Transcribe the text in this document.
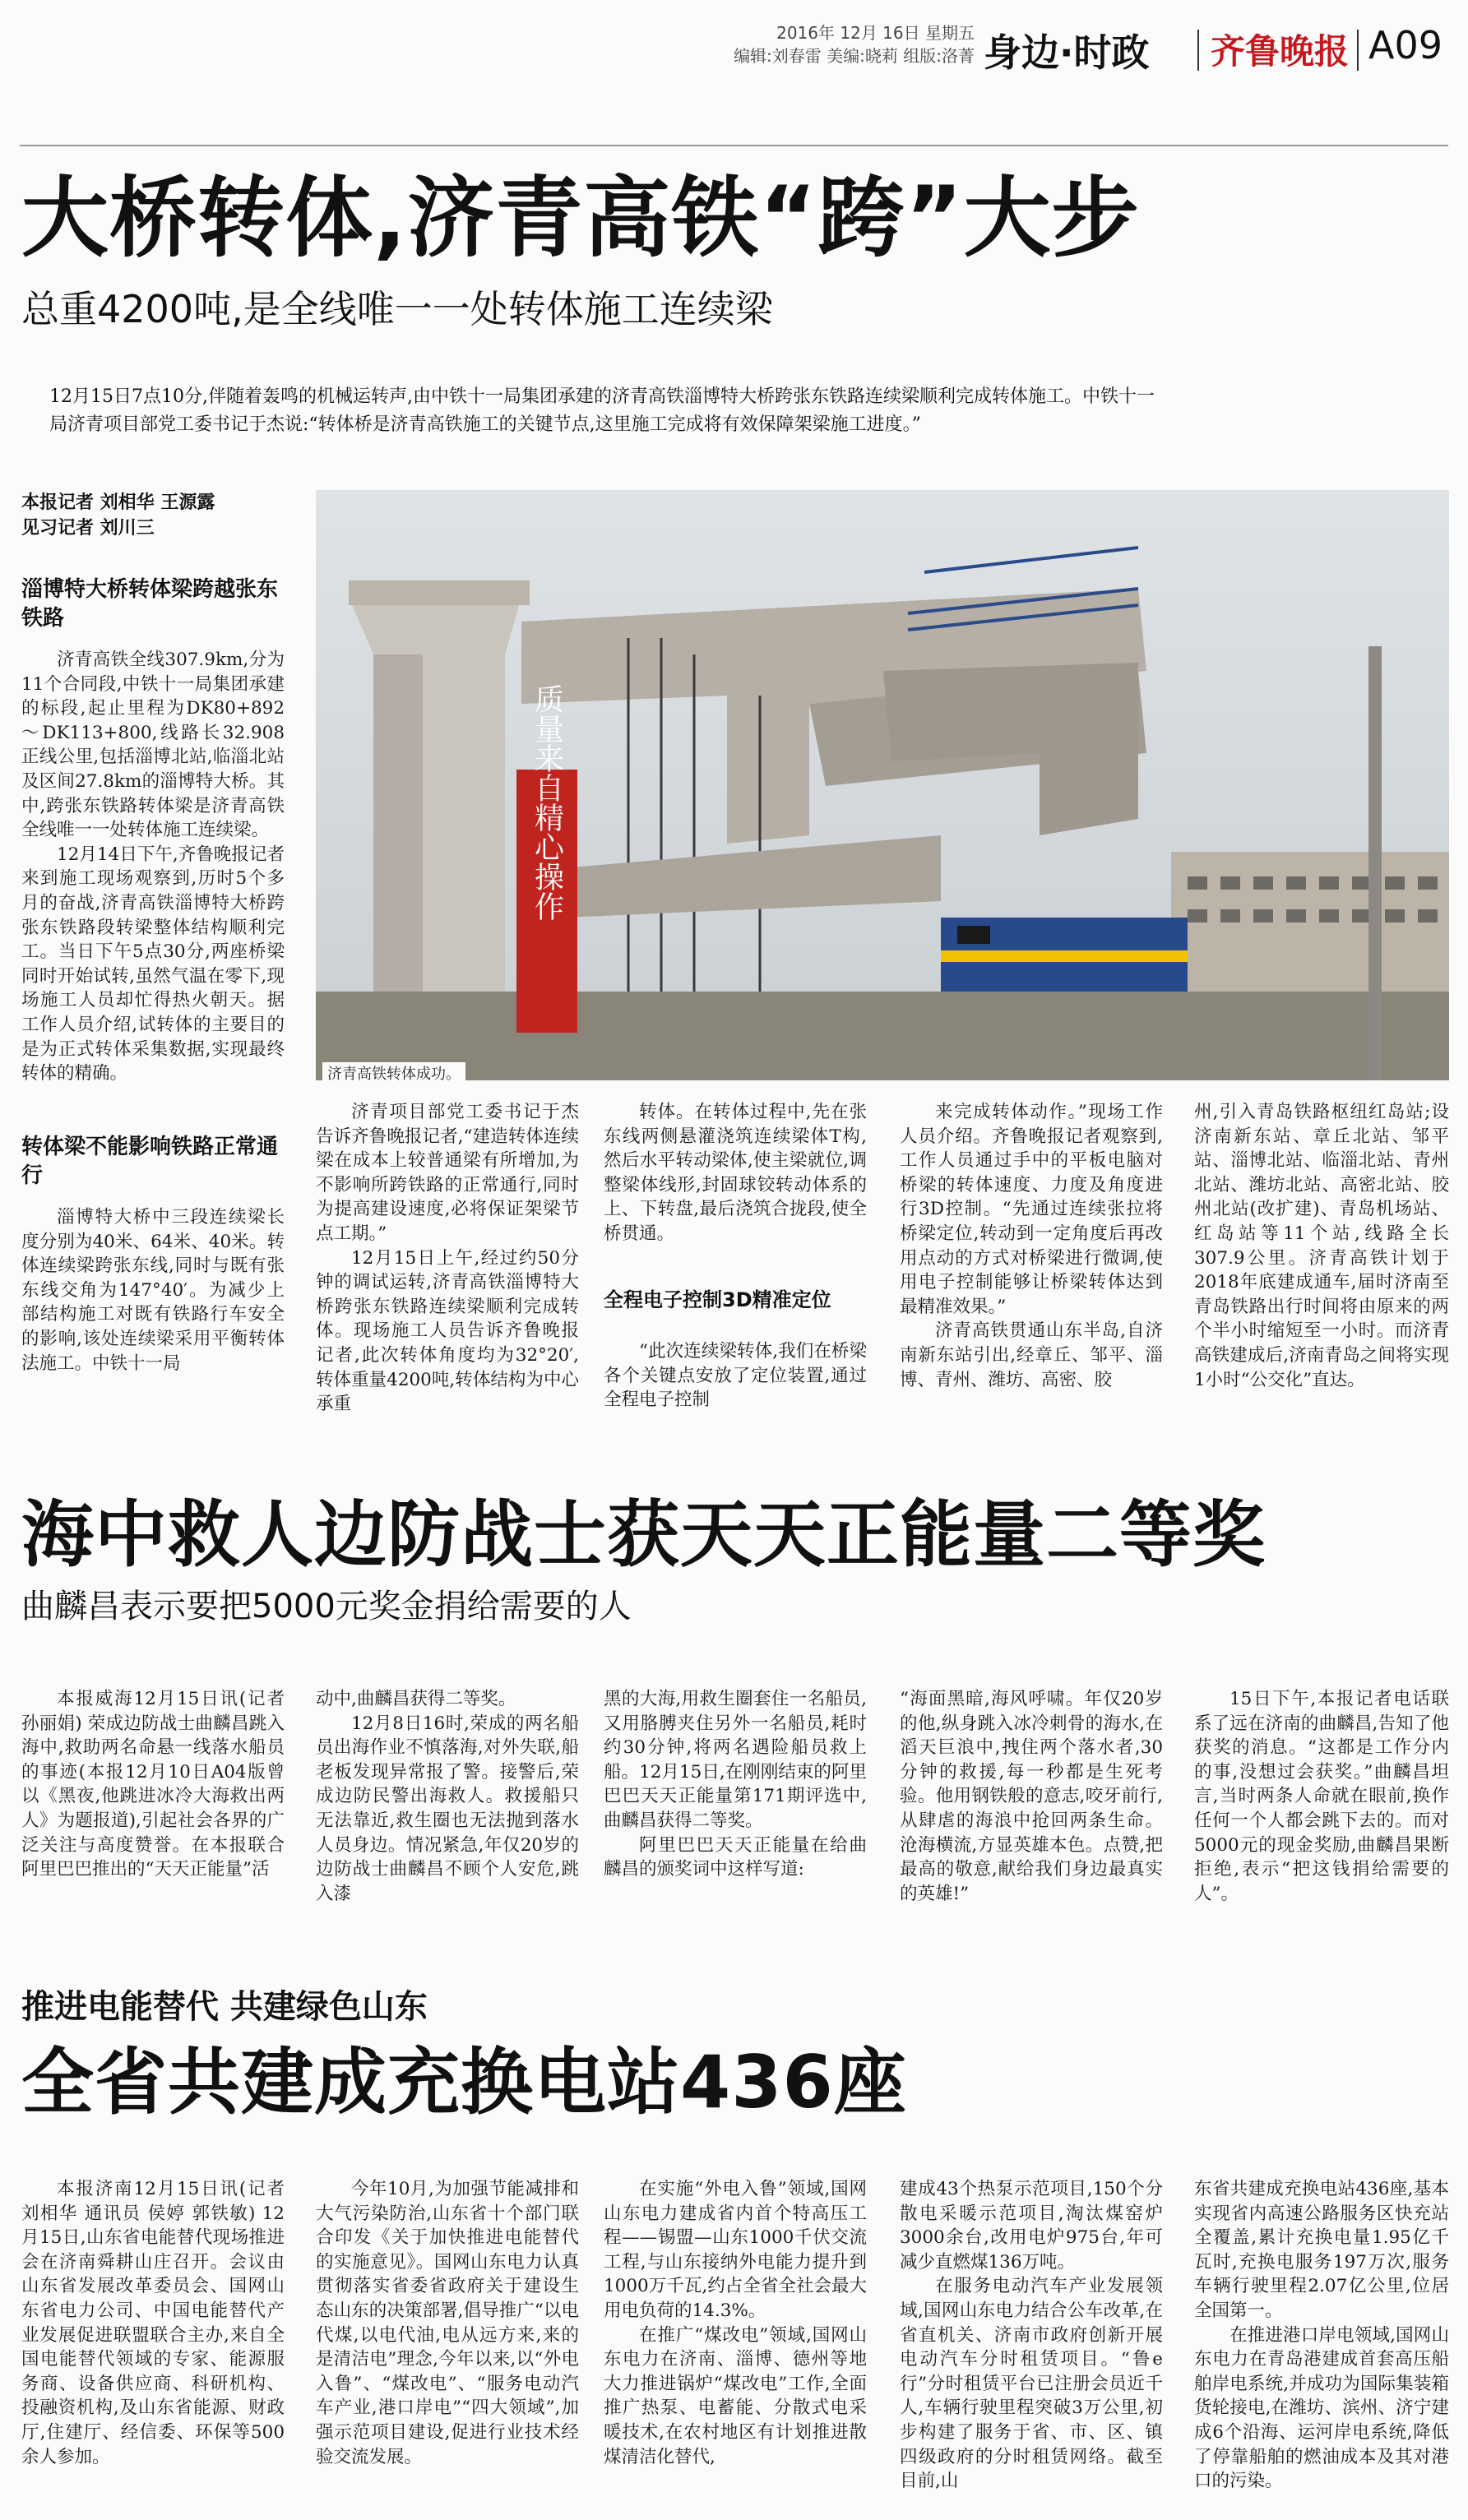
2016年 12月 16日 星期五
编辑:刘春雷 美编:晓莉 组版:洛菁 身边·时政 齐鲁晚报 A09
大桥转体,济青高铁“跨”大步
总重4200吨,是全线唯一一处转体施工连续梁
12月15日7点10分,伴随着轰鸣的机械运转声,由中铁十一局集团承建的济青高铁淄博特大桥跨张东铁路连续梁顺利完成转体施工。中铁十一局济青项目部党工委书记于杰说:“转体桥是济青高铁施工的关键节点,这里施工完成将有效保障架梁施工进度。”
本报记者 刘相华 王源露
见习记者 刘川三
质量来自精心操作
济青高铁转体成功。
淄博特大桥转体梁跨越张东铁路

济青高铁全线307.9km,分为11个合同段,中铁十一局集团承建的标段,起止里程为DK80+892～DK113+800,线路长32.908正线公里,包括淄博北站,临淄北站及区间27.8km的淄博特大桥。其中,跨张东铁路转体梁是济青高铁全线唯一一处转体施工连续梁。

12月14日下午,齐鲁晚报记者来到施工现场观察到,历时5个多月的奋战,济青高铁淄博特大桥跨张东铁路段转梁整体结构顺利完工。当日下午5点30分,两座桥梁同时开始试转,虽然气温在零下,现场施工人员却忙得热火朝天。据工作人员介绍,试转体的主要目的是为正式转体采集数据,实现最终转体的精确。

转体梁不能影响铁路正常通行

淄博特大桥中三段连续梁长度分别为40米、64米、40米。转体连续梁跨张东线,同时与既有张东线交角为147°40′。为减少上部结构施工对既有铁路行车安全的影响,该处连续梁采用平衡转体法施工。中铁十一局

济青项目部党工委书记于杰告诉齐鲁晚报记者,“建造转体连续梁在成本上较普通梁有所增加,为不影响所跨铁路的正常通行,同时为提高建设速度,必将保证架梁节点工期。”

12月15日上午,经过约50分钟的调试运转,济青高铁淄博特大桥跨张东铁路连续梁顺利完成转体。现场施工人员告诉齐鲁晚报记者,此次转体角度均为32°20′,转体重量4200吨,转体结构为中心承重

转体。在转体过程中,先在张东线两侧悬灌浇筑连续梁体T构,然后水平转动梁体,使主梁就位,调整梁体线形,封固球铰转动体系的上、下转盘,最后浇筑合拢段,使全桥贯通。

全程电子控制3D精准定位

“此次连续梁转体,我们在桥梁各个关键点安放了定位装置,通过全程电子控制

来完成转体动作。”现场工作人员介绍。齐鲁晚报记者观察到,工作人员通过手中的平板电脑对桥梁的转体速度、力度及角度进行3D控制。“先通过连续张拉将桥梁定位,转动到一定角度后再改用点动的方式对桥梁进行微调,使用电子控制能够让桥梁转体达到最精准效果。”

济青高铁贯通山东半岛,自济南新东站引出,经章丘、邹平、淄博、青州、潍坊、高密、胶

州,引入青岛铁路枢纽红岛站;设济南新东站、章丘北站、邹平站、淄博北站、临淄北站、青州北站、潍坊北站、高密北站、胶州北站(改扩建)、青岛机场站、红岛站等11个站,线路全长307.9公里。济青高铁计划于2018年底建成通车,届时济南至青岛铁路出行时间将由原来的两个半小时缩短至一小时。而济青高铁建成后,济南青岛之间将实现1小时“公交化”直达。

海中救人边防战士获天天正能量二等奖
曲麟昌表示要把5000元奖金捐给需要的人

本报威海12月15日讯(记者 孙丽娟) 荣成边防战士曲麟昌跳入海中,救助两名命悬一线落水船员的事迹(本报12月10日A04版曾以《黑夜,他跳进冰冷大海救出两人》为题报道),引起社会各界的广泛关注与高度赞誉。在本报联合阿里巴巴推出的“天天正能量”活

动中,曲麟昌获得二等奖。

12月8日16时,荣成的两名船员出海作业不慎落海,对外失联,船老板发现异常报了警。接警后,荣成边防民警出海救人。救援船只无法靠近,救生圈也无法抛到落水人员身边。情况紧急,年仅20岁的边防战士曲麟昌不顾个人安危,跳入漆

黑的大海,用救生圈套住一名船员,又用胳膊夹住另外一名船员,耗时约30分钟,将两名遇险船员救上船。12月15日,在刚刚结束的阿里巴巴天天正能量第171期评选中,曲麟昌获得二等奖。

阿里巴巴天天正能量在给曲麟昌的颁奖词中这样写道:

“海面黑暗,海风呼啸。年仅20岁的他,纵身跳入冰冷刺骨的海水,在滔天巨浪中,拽住两个落水者,30分钟的救援,每一秒都是生死考验。他用钢铁般的意志,咬牙前行,从肆虐的海浪中抢回两条生命。沧海横流,方显英雄本色。点赞,把最高的敬意,献给我们身边最真实的英雄!”

15日下午,本报记者电话联系了远在济南的曲麟昌,告知了他获奖的消息。“这都是工作分内的事,没想过会获奖。”曲麟昌坦言,当时两条人命就在眼前,换作任何一个人都会跳下去的。而对5000元的现金奖励,曲麟昌果断拒绝,表示“把这钱捐给需要的人”。

推进电能替代 共建绿色山东
全省共建成充换电站436座

本报济南12月15日讯(记者 刘相华 通讯员 侯婷 郭铁敏) 12月15日,山东省电能替代现场推进会在济南舜耕山庄召开。会议由山东省发展改革委员会、国网山东省电力公司、中国电能替代产业发展促进联盟联合主办,来自全国电能替代领域的专家、能源服务商、设备供应商、科研机构、投融资机构,及山东省能源、财政厅,住建厅、经信委、环保等500余人参加。

今年10月,为加强节能减排和大气污染防治,山东省十个部门联合印发《关于加快推进电能替代的实施意见》。国网山东电力认真贯彻落实省委省政府关于建设生态山东的决策部署,倡导推广“以电代煤,以电代油,电从远方来,来的是清洁电”理念,今年以来,以“外电入鲁”、“煤改电”、“服务电动汽车产业,港口岸电”“四大领域”,加强示范项目建设,促进行业技术经验交流发展。

在实施“外电入鲁”领域,国网山东电力建成省内首个特高压工程——锡盟—山东1000千伏交流工程,与山东接纳外电能力提升到1000万千瓦,约占全省全社会最大用电负荷的14.3%。

在推广“煤改电”领域,国网山东电力在济南、淄博、德州等地大力推进锅炉“煤改电”工作,全面推广热泵、电蓄能、分散式电采暖技术,在农村地区有计划推进散煤清洁化替代,

建成43个热泵示范项目,150个分散电采暖示范项目,淘汰煤窑炉3000余台,改用电炉975台,年可减少直燃煤136万吨。

在服务电动汽车产业发展领域,国网山东电力结合公车改革,在省直机关、济南市政府创新开展电动汽车分时租赁项目。“鲁e行”分时租赁平台已注册会员近千人,车辆行驶里程突破3万公里,初步构建了服务于省、市、区、镇四级政府的分时租赁网络。截至目前,山

东省共建成充换电站436座,基本实现省内高速公路服务区快充站全覆盖,累计充换电量1.95亿千瓦时,充换电服务197万次,服务车辆行驶里程2.07亿公里,位居全国第一。

在推进港口岸电领域,国网山东电力在青岛港建成首套高压船舶岸电系统,并成功为国际集装箱货轮接电,在潍坊、滨州、济宁建成6个沿海、运河岸电系统,降低了停靠船舶的燃油成本及其对港口的污染。
